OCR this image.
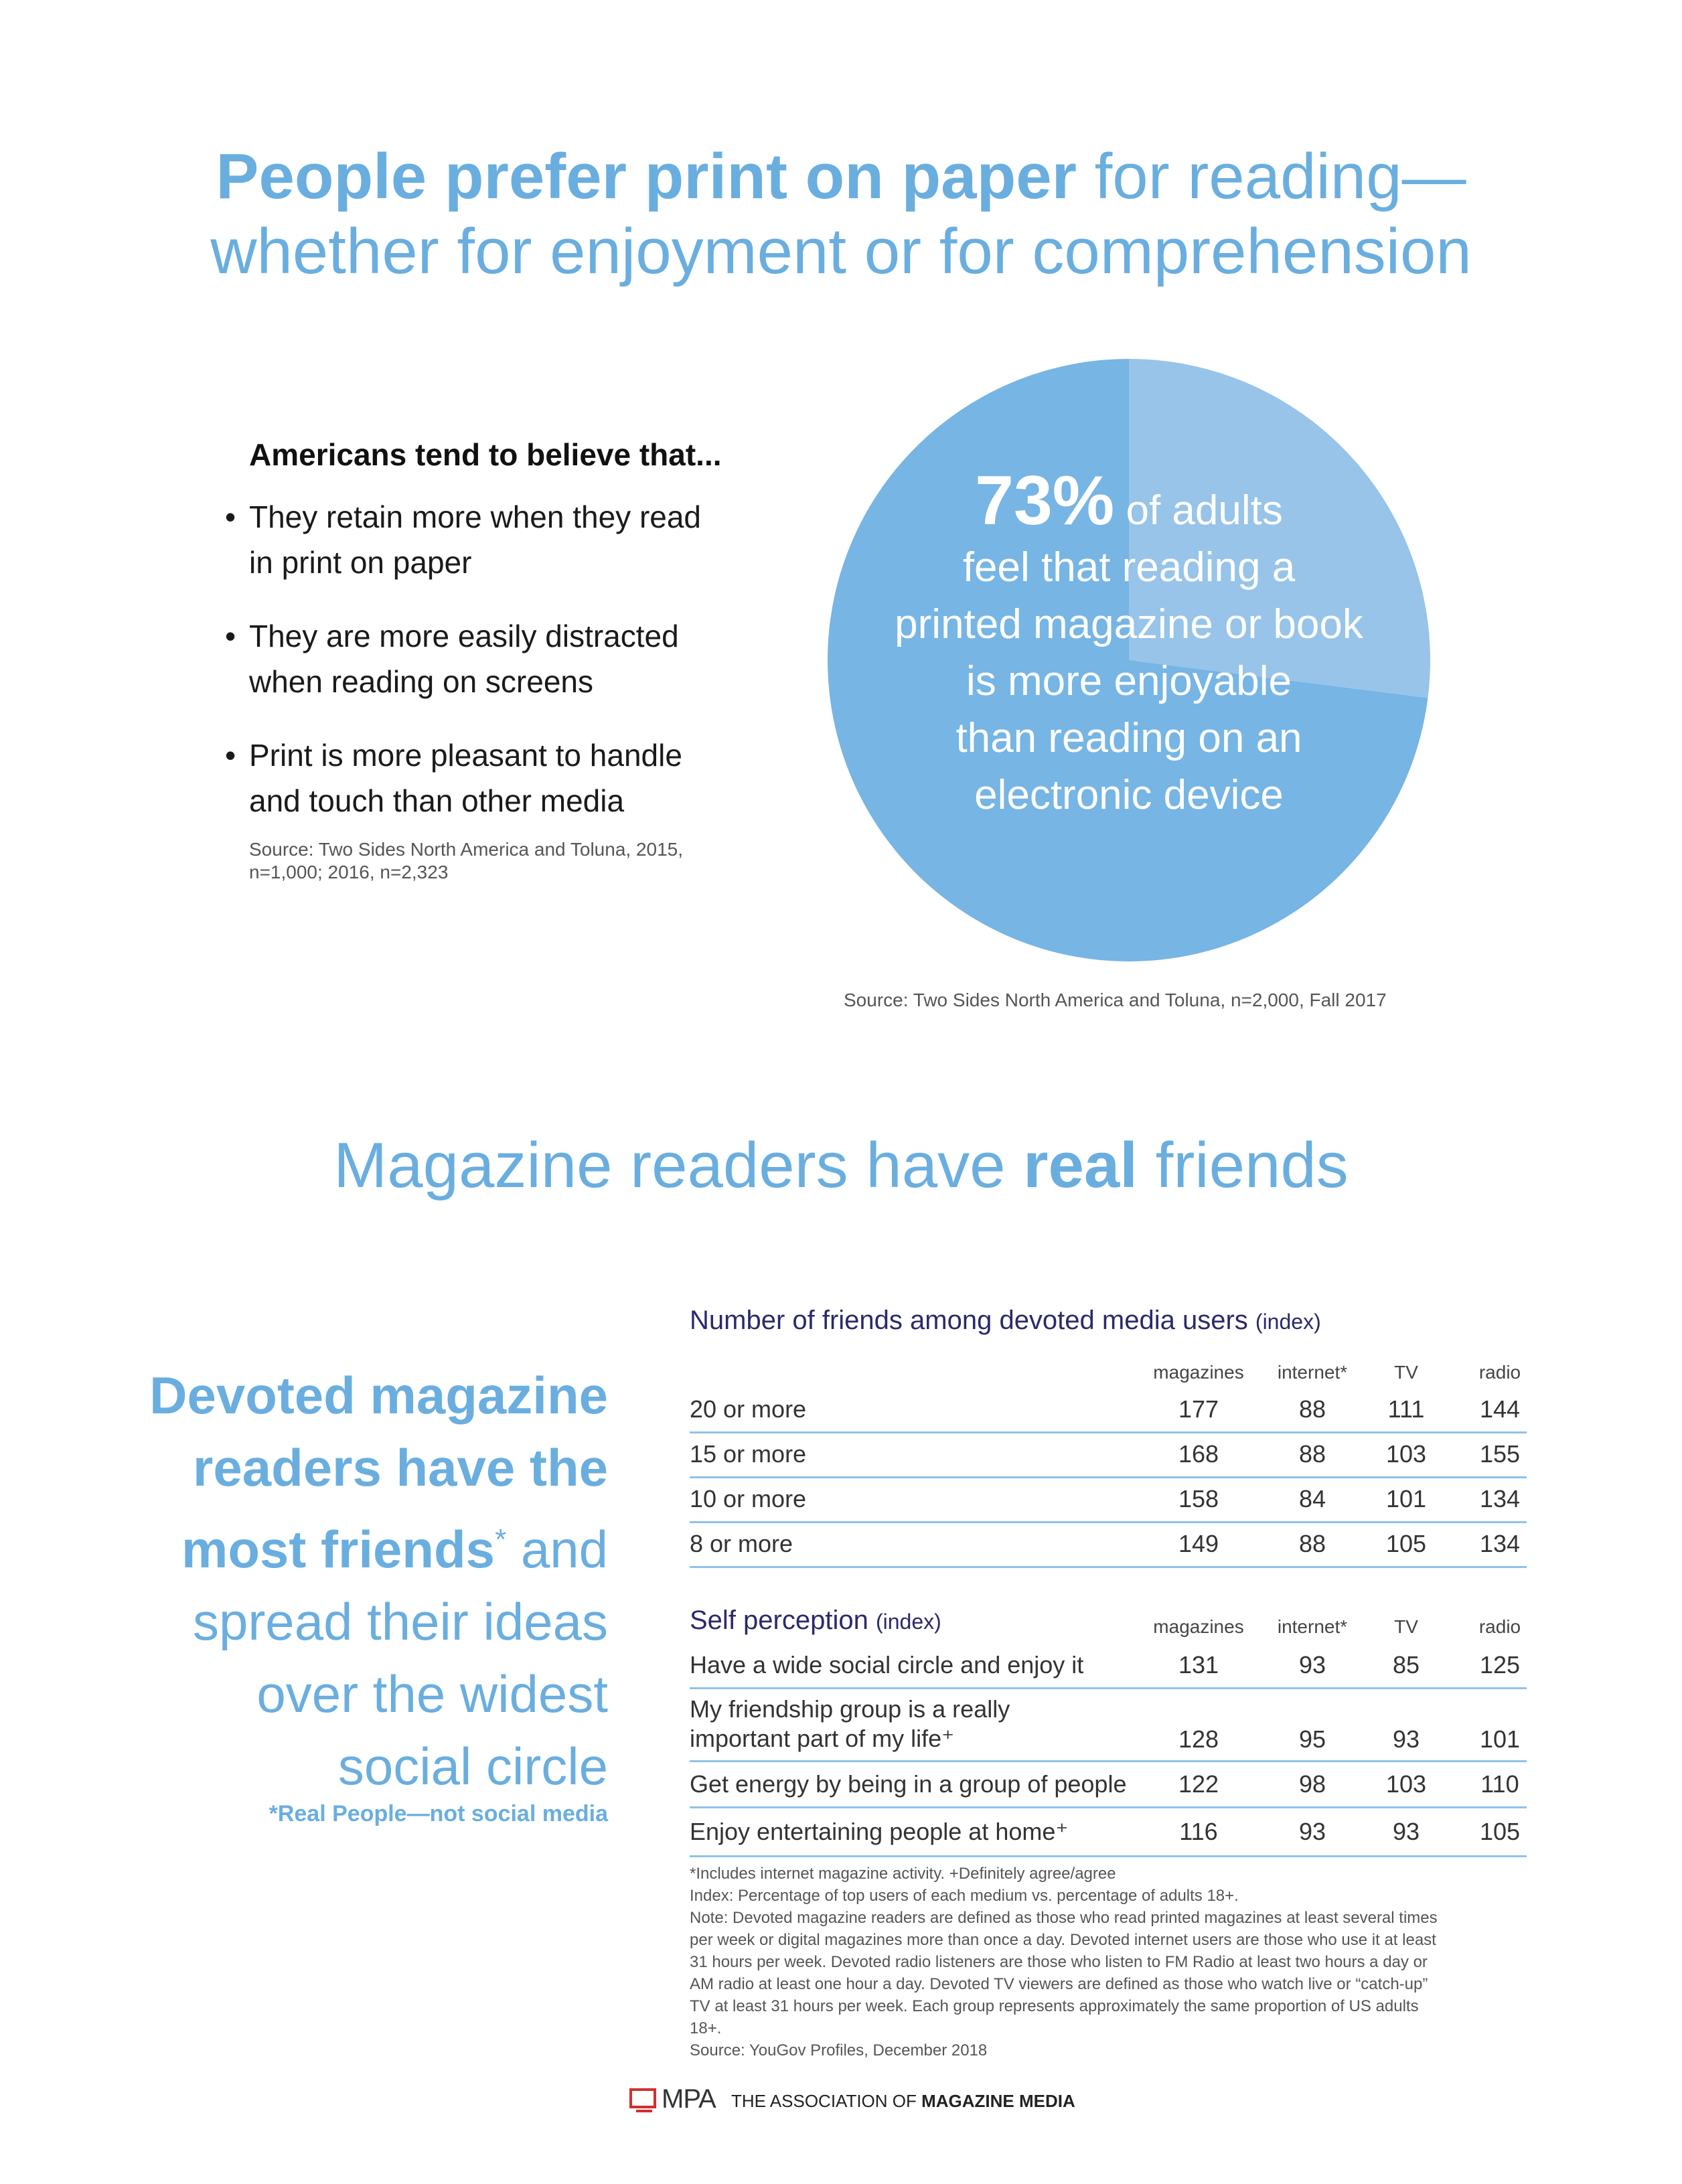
People prefer print on paper for reading—
whether for enjoyment or for comprehension
Americans tend to believe that...
• They retain more when they read
in print on paper
• They are more easily distracted
when reading on screens
• Print is more pleasant to handle
and touch than other media
Source: Two Sides North America and Toluna, 2015, n=1,000; 2016, n=2,323
73% of adults
feel that reading a
printed magazine or book
is more enjoyable
than reading on an
electronic device
Source: Two Sides North America and Toluna, n=2,000, Fall 2017
Magazine readers have real friends
Devoted magazine
readers have the
most friends* and
spread their ideas
over the widest
social circle
*Real People—not social media
Number of friends among devoted media users (index)
magazines	internet*	TV	radio
20 or more	177	88	111	144
15 or more	168	88	103	155
10 or more	158	84	101	134
8 or more	149	88	105	134
Self perception (index)	magazines	internet*	TV	radio
Have a wide social circle and enjoy it	131	93	85	125
My friendship group is a really
important part of my life⁺	128	95	93	101
Get energy by being in a group of people	122	98	103	110
Enjoy entertaining people at home⁺	116	93	93	105
*Includes internet magazine activity. +Definitely agree/agree
Index: Percentage of top users of each medium vs. percentage of adults 18+.
Note: Devoted magazine readers are defined as those who read printed magazines at least several times
per week or digital magazines more than once a day. Devoted internet users are those who use it at least
31 hours per week. Devoted radio listeners are those who listen to FM Radio at least two hours a day or
AM radio at least one hour a day. Devoted TV viewers are defined as those who watch live or “catch-up”
TV at least 31 hours per week. Each group represents approximately the same proportion of US adults 18+.
Source: YouGov Profiles, December 2018
MPA THE ASSOCIATION OF MAGAZINE MEDIA
